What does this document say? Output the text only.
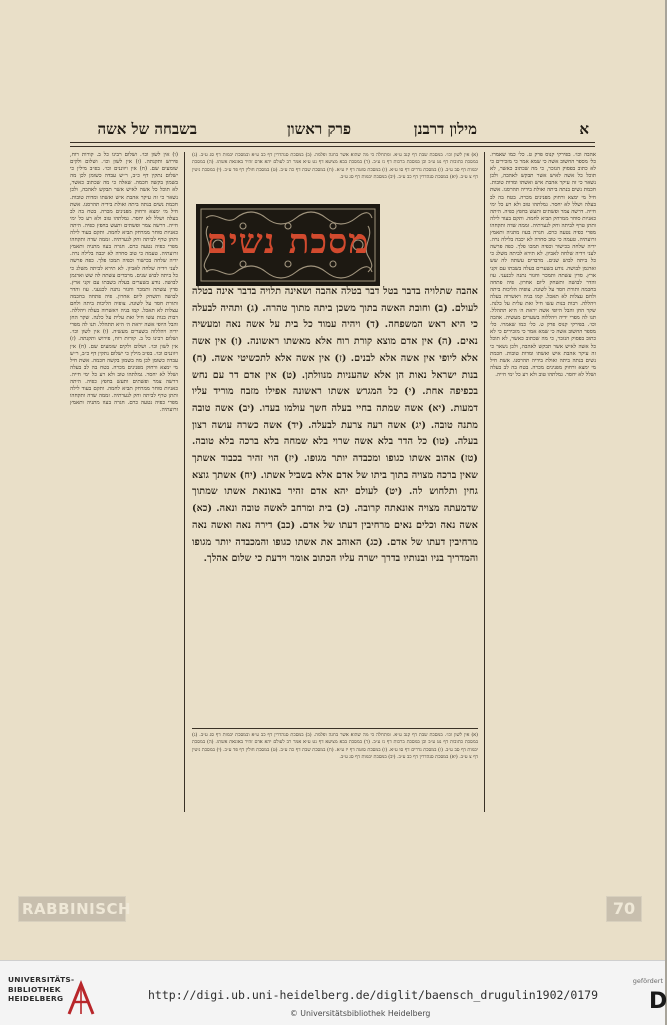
א
מילון דרבנן
פרק ראשון
בשבחה של אשה
אהבה וכו׳. בפירקי קנוס פרק ט. כל׳ כמו שאמרו. כל׳ מספר החשוב אשה כי שמא אמר כי מזכירים כי לא כתוב בפסוק הנזכר, כי מה שכתוב כאשר, לא תוכל כל אשה לאיש אשר תבקש לאהבה, ולכן נשאר כי זה עיקר אהבת איש ואשתו ומדות טובות. חכמת נשים בנתה ביתה ואולת בידיה תהרסנו. אשת חיל מי ימצא ורחוק מפנינים מכרה. בטח בה לב בעלה ושלל לא יחסר. גמלתהו טוב ולא רע כל ימי חייה. דרשה צמר ופשתים ותעש בחפץ כפיה. היתה כאניות סוחר ממרחק תביא לחמה. ותקם בעוד לילה ותתן טרף לביתה וחק לנערתיה. זממה שדה ותקחהו מפרי כפיה נטעה כרם. חגרה בעוז מתניה ותאמץ זרועתיה. טעמה כי טוב סחרה לא יכבה בלילה נרה. ידיה שלחה בכישור וכפיה תמכו פלך. כפה פרשה לעני וידיה שלחה לאביון. לא תירא לביתה משלג כי כל ביתה לבוש שנים. מרבדים עשתה לה שש וארגמן לבושה. נודע בשערים בעלה בשבתו עם זקני ארץ. סדין עשתה ותמכר וחגור נתנה לכנעני. עוז והדר לבושה ותשחק ליום אחרון. פיה פתחה בחכמה ותורת חסד על לשונה. צופיה הליכות ביתה ולחם עצלות לא תאכל. קמו בניה ויאשרוה בעלה ויהללה. רבות בנות עשו חיל ואת עלית על כלנה. שקר החן והבל היופי אשה יראת ה׳ היא תתהלל. תנו לה מפרי ידיה ויהללוה בשערים מעשיה. אהבה וכו׳. בפירקי קנוס פרק ט. כל׳ כמו שאמרו. כל׳ מספר החשוב אשה כי שמא אמר כי מזכירים כי לא כתוב בפסוק הנזכר, כי מה שכתוב כאשר, לא תוכל כל אשה לאיש אשר תבקש לאהבה, ולכן נשאר כי זה עיקר אהבת איש ואשתו ומדות טובות. חכמת נשים בנתה ביתה ואולת בידיה תהרסנו. אשת חיל מי ימצא ורחוק מפנינים מכרה. בטח בה לב בעלה ושלל לא יחסר. גמלתהו טוב ולא רע כל ימי חייה.
(א) אין לשון וכו׳. במסכת שבת דף קנב ע״א. ומתחלה כי מה שהוא אשר בחגה ופלמה. (ב) במסכת סנהדרין דף כב ע״א ובמסכת יבמות דף סג ע״ב. (ג) במסכת כתובות דף נט ע״ב וכן במסכת ברכות דף נז ע״ב. (ד) במסכת בבא מציעא דף נט ע״א אמר רב לעולם יהא אדם זהיר באונאת אשתו. (ה) במסכת יבמות דף סב ע״ב. (ו) במסכת נדרים דף סו ע״א. (ז) במסכת סוטה דף יז ע״א. (ח) במסכת שבת דף כה ע״ב. (ט) במסכת חולין דף פד ע״ב. (י) במסכת גיטין דף צ ע״ב. (יא) במסכת סנהדרין דף כב ע״ב. (יב) במסכת יבמות דף סג ע״ב.
מסכת נשים
אהבה שתלויה בדבר בטל דבר בטלה אהבה ושאינה תלויה בדבר אינה בטלה לעולם. (ב) וחובת האשה בתוך משכן ביתה מתוך טהרה. (ג) ותהיה לבעלה כי היא ראש המשפחה. (ד) ויהיה עמוד כל בית על אשה נאה ומעשיה נאים. (ה) אין אדם מוצא קורת רוח אלא מאשתו ראשונה. (ו) אין אשה אלא ליופי אין אשה אלא לבנים. (ז) אין אשה אלא לתכשיטי אשה. (ח) בנות ישראל נאות הן אלא שהעניות מנוולתן. (ט) אין אדם דר עם נחש בכפיפה אחת. (י) כל המגרש אשתו ראשונה אפילו מזבח מוריד עליו דמעות. (יא) אשה שמתה בחיי בעלה חשך עולמו בעדו. (יב) אשה טובה מתנה טובה. (יג) אשה רעה צרעת לבעלה. (יד) אשה כשרה עושה רצון בעלה. (טו) כל הדר בלא אשה שרוי בלא שמחה בלא ברכה בלא טובה. (טז) אהוב אשתו כגופו ומכבדה יותר מגופו. (יז) הוי זהיר בכבוד אשתך שאין ברכה מצויה בתוך ביתו של אדם אלא בשביל אשתו. (יח) אשתך גוצא גחין ותלחוש לה. (יט) לעולם יהא אדם זהיר באונאת אשתו שמתוך שדמעתה מצויה אונאתה קרובה. (כ) בית ומרחב לאשה טובה ונאה. (כא) אשה נאה וכלים נאים מרחיבין דעתו של אדם. (כב) דירה נאה ואשה נאה מרחיבין דעתו של אדם. (כג) האוהב את אשתו כגופו והמכבדה יותר מגופו והמדריך בניו ובנותיו בדרך ישרה עליו הכתוב אומר וידעת כי שלום אהלך.
(א) אין לשון וכו׳. במסכת שבת דף קנב ע״א. ומתחלה כי מה שהוא אשר בחגה ופלמה. (ב) במסכת סנהדרין דף כב ע״א ובמסכת יבמות דף סג ע״ב. (ג) במסכת כתובות דף נט ע״ב וכן במסכת ברכות דף נז ע״ב. (ד) במסכת בבא מציעא דף נט ע״א אמר רב לעולם יהא אדם זהיר באונאת אשתו. (ה) במסכת יבמות דף סב ע״ב. (ו) במסכת נדרים דף סו ע״א. (ז) במסכת סוטה דף יז ע״א. (ח) במסכת שבת דף כה ע״ב. (ט) במסכת חולין דף פד ע״ב. (י) במסכת גיטין דף צ ע״ב. (יא) במסכת סנהדרין דף כב ע״ב. (יב) במסכת יבמות דף סג ע״ב.
(ו) אין לשון וכו׳. ושלום רבינו כל ב. קורות רוח, פירוש ותקנתה. (ז) אין לשון וכו׳. ושלום ולקים שומעים שם. (ח) אין ויווננים וכו׳. בפ״ב מילין כי ישלום נתקין דף כ״ב, ר״ש עבדה כשומן לכן מה בשמון בקשה חכמה. שאלה כי מה שכתוב כאשר, לא תוכל כל אשה לאיש אשר תבקש לאהבה, ולכן נשאר כי זה עיקר אהבת איש ואשתו ומדות טובות. חכמת נשים בנתה ביתה ואולת בידיה תהרסנו. אשת חיל מי ימצא ורחוק מפנינים מכרה. בטח בה לב בעלה ושלל לא יחסר. גמלתהו טוב ולא רע כל ימי חייה. דרשה צמר ופשתים ותעש בחפץ כפיה. היתה כאניות סוחר ממרחק תביא לחמה. ותקם בעוד לילה ותתן טרף לביתה וחק לנערתיה. זממה שדה ותקחהו מפרי כפיה נטעה כרם. חגרה בעוז מתניה ותאמץ זרועתיה. טעמה כי טוב סחרה לא יכבה בלילה נרה. ידיה שלחה בכישור וכפיה תמכו פלך. כפה פרשה לעני וידיה שלחה לאביון. לא תירא לביתה משלג כי כל ביתה לבוש שנים. מרבדים עשתה לה שש וארגמן לבושה. נודע בשערים בעלה בשבתו עם זקני ארץ. סדין עשתה ותמכר וחגור נתנה לכנעני. עוז והדר לבושה ותשחק ליום אחרון. פיה פתחה בחכמה ותורת חסד על לשונה. צופיה הליכות ביתה ולחם עצלות לא תאכל. קמו בניה ויאשרוה בעלה ויהללה. רבות בנות עשו חיל ואת עלית על כלנה. שקר החן והבל היופי אשה יראת ה׳ היא תתהלל. תנו לה מפרי ידיה ויהללוה בשערים מעשיה. (ו) אין לשון וכו׳. ושלום רבינו כל ב. קורות רוח, פירוש ותקנתה. (ז) אין לשון וכו׳. ושלום ולקים שומעים שם. (ח) אין ויווננים וכו׳. בפ״ב מילין כי ישלום נתקין דף כ״ב, ר״ש עבדה כשומן לכן מה בשמון בקשה חכמה. אשת חיל מי ימצא ורחוק מפנינים מכרה. בטח בה לב בעלה ושלל לא יחסר. גמלתהו טוב ולא רע כל ימי חייה. דרשה צמר ופשתים ותעש בחפץ כפיה. היתה כאניות סוחר ממרחק תביא לחמה. ותקם בעוד לילה ותתן טרף לביתה וחק לנערתיה. זממה שדה ותקחהו מפרי כפיה נטעה כרם. חגרה בעוז מתניה ותאמץ זרועתיה.
RABBINISCH	70
UNIVERSITÄTS-
BIBLIOTHEK
HEIDELBERG	http://digi.ub.uni-heidelberg.de/diglit/baensch_drugulin1902/0179
© Universitätsbibliothek Heidelberg
gefördert
D
